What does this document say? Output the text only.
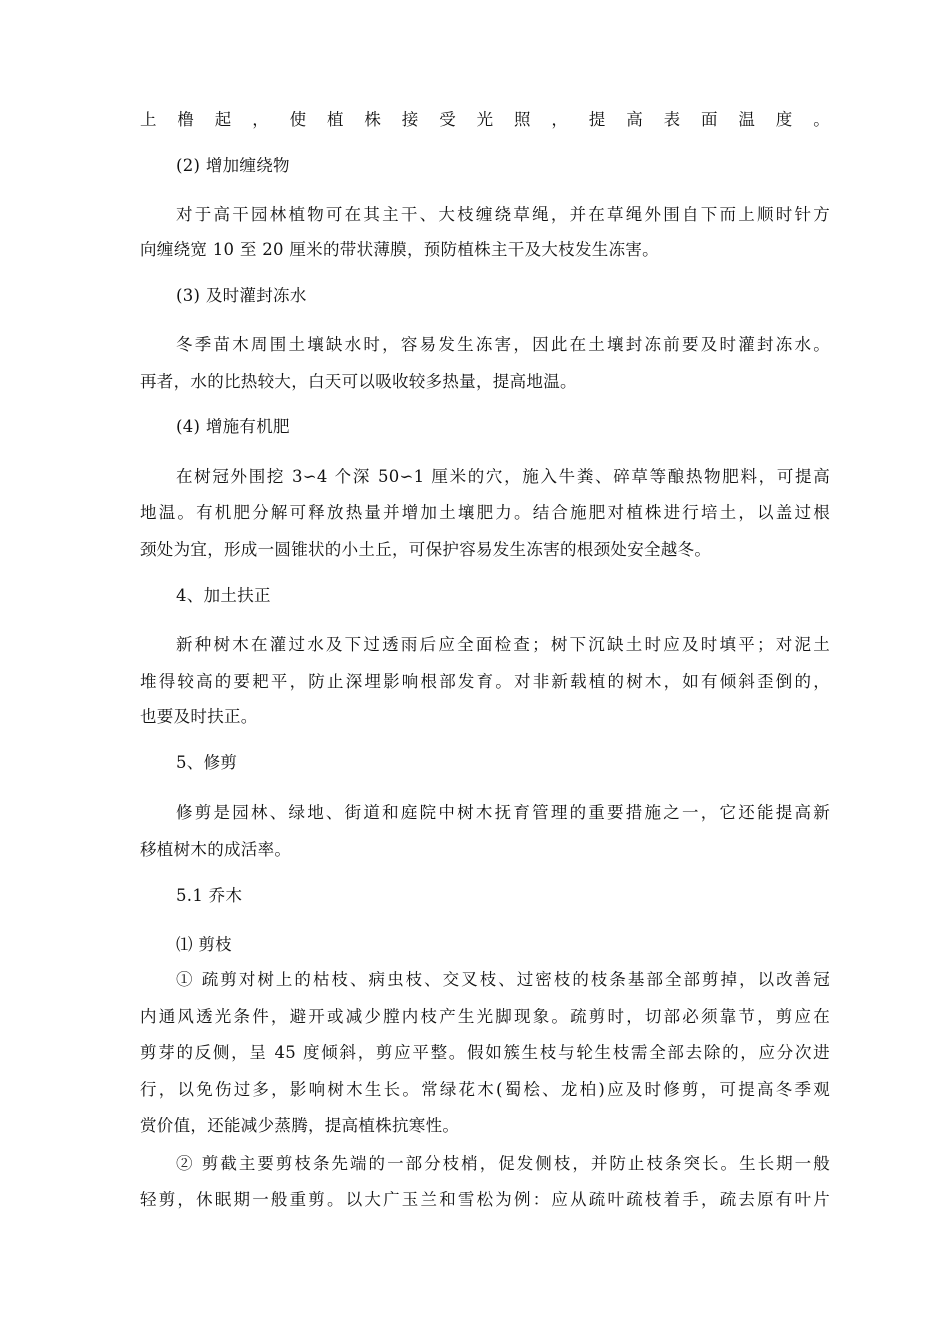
上橹起，使植株接受光照，提高表面温度。
(2) 增加缠绕物
对于高干园林植物可在其主干、大枝缠绕草绳，并在草绳外围自下而上顺时针方
向缠绕宽 10 至 20 厘米的带状薄膜，预防植株主干及大枝发生冻害。
(3) 及时灌封冻水
冬季苗木周围土壤缺水时，容易发生冻害，因此在土壤封冻前要及时灌封冻水。
再者，水的比热较大，白天可以吸收较多热量，提高地温。
(4) 增施有机肥
在树冠外围挖 3∽4 个深 50∽1 厘米的穴，施入牛粪、碎草等酿热物肥料，可提高
地温。有机肥分解可释放热量并增加土壤肥力。结合施肥对植株进行培土，以盖过根
颈处为宜，形成一圆锥状的小土丘，可保护容易发生冻害的根颈处安全越冬。
4、加土扶正
新种树木在灌过水及下过透雨后应全面检查；树下沉缺土时应及时填平；对泥土
堆得较高的要耙平，防止深埋影响根部发育。对非新载植的树木，如有倾斜歪倒的，
也要及时扶正。
5、修剪
修剪是园林、绿地、街道和庭院中树木抚育管理的重要措施之一，它还能提高新
移植树木的成活率。
5.1 乔木
⑴ 剪枝
① 疏剪对树上的枯枝、病虫枝、交叉枝、过密枝的枝条基部全部剪掉，以改善冠
内通风透光条件，避开或减少膛内枝产生光脚现象。疏剪时，切部必须靠节，剪应在
剪芽的反侧，呈 45 度倾斜，剪应平整。假如簇生枝与轮生枝需全部去除的，应分次进
行，以免伤过多，影响树木生长。常绿花木(蜀桧、龙柏)应及时修剪，可提高冬季观
赏价值，还能减少蒸腾，提高植株抗寒性。
② 剪截主要剪枝条先端的一部分枝梢，促发侧枝，并防止枝条突长。生长期一般
轻剪，休眠期一般重剪。以大广玉兰和雪松为例：应从疏叶疏枝着手，疏去原有叶片
